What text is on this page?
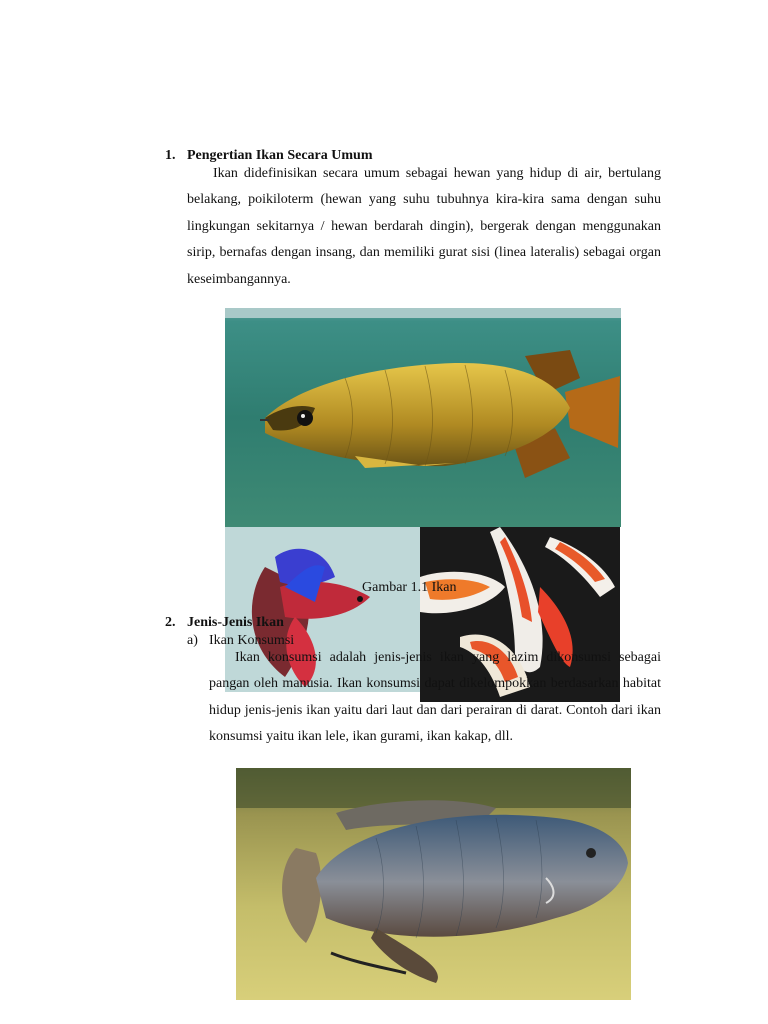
1. Pengertian Ikan Secara Umum

Ikan didefinisikan secara umum sebagai hewan yang hidup di air, bertulang belakang, poikiloterm (hewan yang suhu tubuhnya kira-kira sama dengan suhu lingkungan sekitarnya / hewan berdarah dingin), bergerak dengan menggunakan sirip, bernafas dengan insang, dan memiliki gurat sisi (linea lateralis) sebagai organ keseimbangannya.

Gambar 1.1 Ikan
2. Jenis-Jenis Ikan
a) Ikan Konsumsi

Ikan konsumsi adalah jenis-jenis ikan yang lazim dikonsumsi sebagai pangan oleh manusia. Ikan konsumsi dapat dikelompokkan berdasarkan habitat hidup jenis-jenis ikan yaitu dari laut dan dari perairan di darat. Contoh dari ikan konsumsi yaitu ikan lele, ikan gurami, ikan kakap, dll.
